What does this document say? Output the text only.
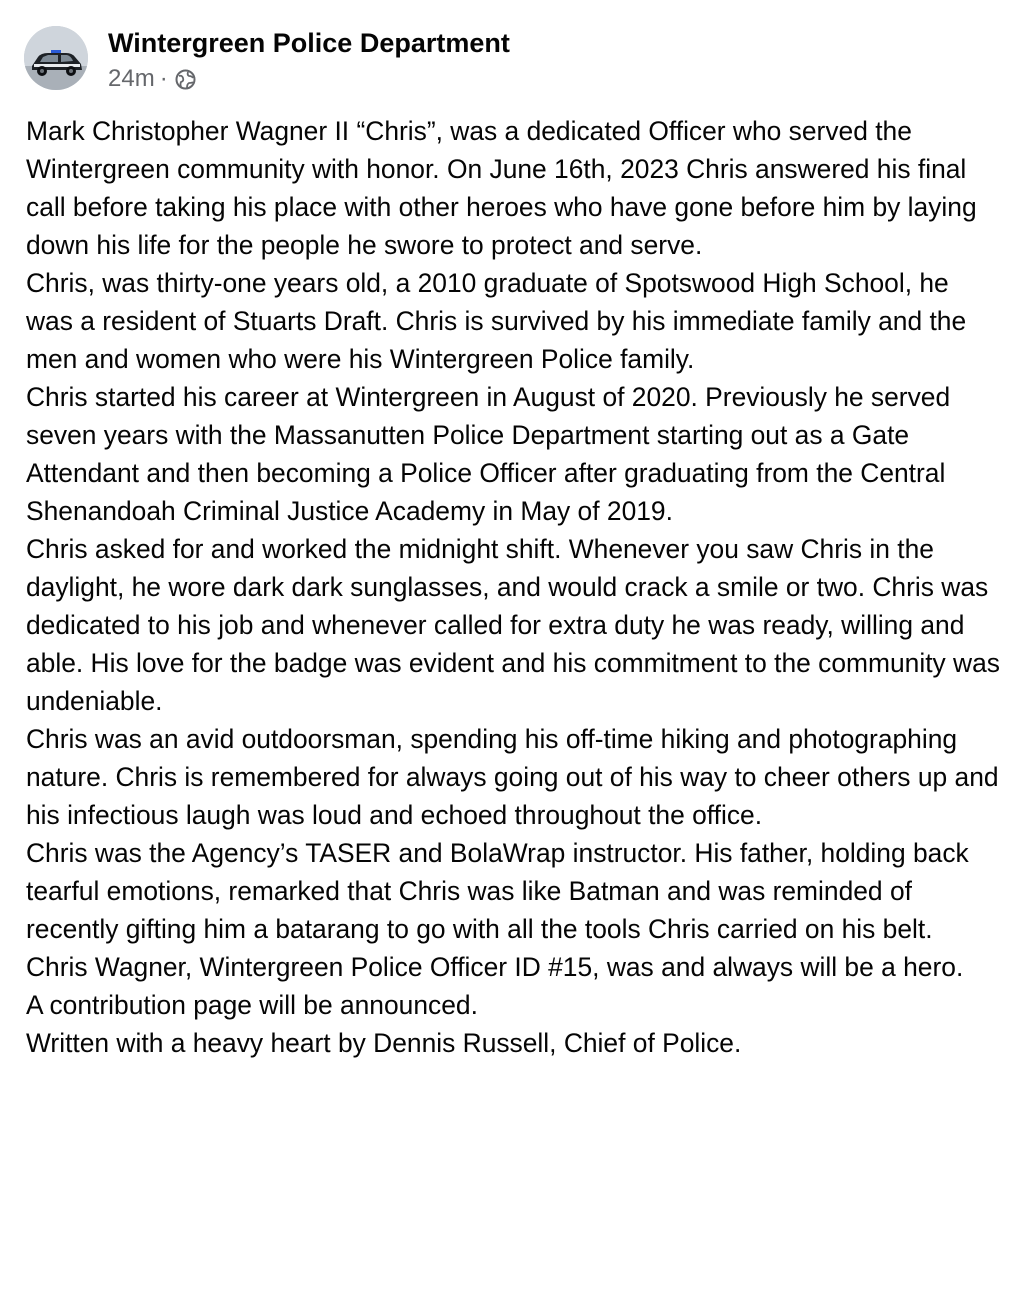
Wintergreen Police Department
24m ·

Mark Christopher Wagner II “Chris”, was a dedicated Officer who served the Wintergreen community with honor. On June 16th, 2023 Chris answered his final call before taking his place with other heroes who have gone before him by laying down his life for the people he swore to protect and serve.

Chris, was thirty-one years old, a 2010 graduate of Spotswood High School, he was a resident of Stuarts Draft. Chris is survived by his immediate family and the men and women who were his Wintergreen Police family.

Chris started his career at Wintergreen in August of 2020. Previously he served seven years with the Massanutten Police Department starting out as a Gate Attendant and then becoming a Police Officer after graduating from the Central Shenandoah Criminal Justice Academy in May of 2019.

Chris asked for and worked the midnight shift. Whenever you saw Chris in the daylight, he wore dark dark sunglasses, and would crack a smile or two. Chris was dedicated to his job and whenever called for extra duty he was ready, willing and able. His love for the badge was evident and his commitment to the community was undeniable.

Chris was an avid outdoorsman, spending his off-time hiking and photographing nature. Chris is remembered for always going out of his way to cheer others up and his infectious laugh was loud and echoed throughout the office.

Chris was the Agency’s TASER and BolaWrap instructor. His father, holding back tearful emotions, remarked that Chris was like Batman and was reminded of recently gifting him a batarang to go with all the tools Chris carried on his belt.

Chris Wagner, Wintergreen Police Officer ID #15, was and always will be a hero.

A contribution page will be announced.

Written with a heavy heart by Dennis Russell, Chief of Police.
